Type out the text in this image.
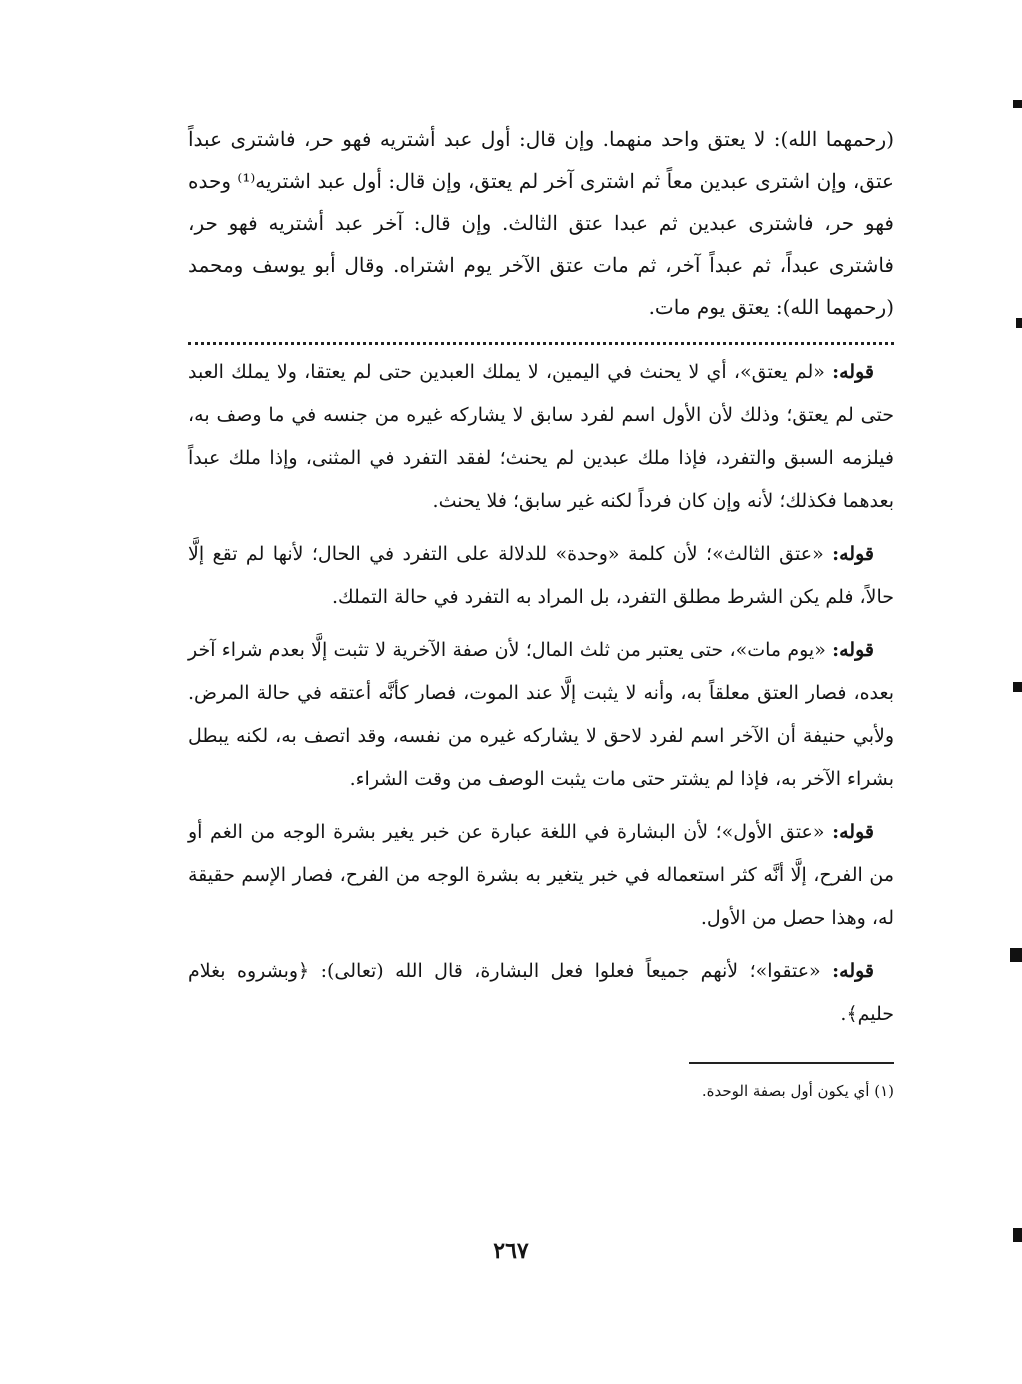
(رحمهما الله): لا يعتق واحد منهما. وإن قال: أول عبد أشتريه فهو حر، فاشترى عبداً عتق، وإن اشترى عبدين معاً ثم اشترى آخر لم يعتق، وإن قال: أول عبد اشتريه⁽¹⁾ وحده فهو حر، فاشترى عبدين ثم عبدا عتق الثالث. وإن قال: آخر عبد أشتريه فهو حر، فاشترى عبداً، ثم عبداً آخر، ثم مات عتق الآخر يوم اشتراه. وقال أبو يوسف ومحمد (رحمهما الله): يعتق يوم مات.

قوله: «لم يعتق»، أي لا يحنث في اليمين، لا يملك العبدين حتى لم يعتقا، ولا يملك العبد حتى لم يعتق؛ وذلك لأن الأول اسم لفرد سابق لا يشاركه غيره من جنسه في ما وصف به، فيلزمه السبق والتفرد، فإذا ملك عبدين لم يحنث؛ لفقد التفرد في المثنى، وإذا ملك عبداً بعدهما فكذلك؛ لأنه وإن كان فرداً لكنه غير سابق؛ فلا يحنث.

قوله: «عتق الثالث»؛ لأن كلمة «وحدة» للدلالة على التفرد في الحال؛ لأنها لم تقع إلَّا حالاً، فلم يكن الشرط مطلق التفرد، بل المراد به التفرد في حالة التملك.

قوله: «يوم مات»، حتى يعتبر من ثلث المال؛ لأن صفة الآخرية لا تثبت إلَّا بعدم شراء آخر بعده، فصار العتق معلقاً به، وأنه لا يثبت إلَّا عند الموت، فصار كأنَّه أعتقه في حالة المرض. ولأبي حنيفة أن الآخر اسم لفرد لاحق لا يشاركه غيره من نفسه، وقد اتصف به، لكنه يبطل بشراء الآخر به، فإذا لم يشتر حتى مات يثبت الوصف من وقت الشراء.

قوله: «عتق الأول»؛ لأن البشارة في اللغة عبارة عن خبر يغير بشرة الوجه من الغم أو من الفرح، إلَّا أنَّه كثر استعماله في خبر يتغير به بشرة الوجه من الفرح، فصار الإسم حقيقة له، وهذا حصل من الأول.

قوله: «عتقوا»؛ لأنهم جميعاً فعلوا فعل البشارة، قال الله (تعالى): ﴿وبشروه بغلام حليم﴾.

(١) أي يكون أول بصفة الوحدة.

٢٦٧
